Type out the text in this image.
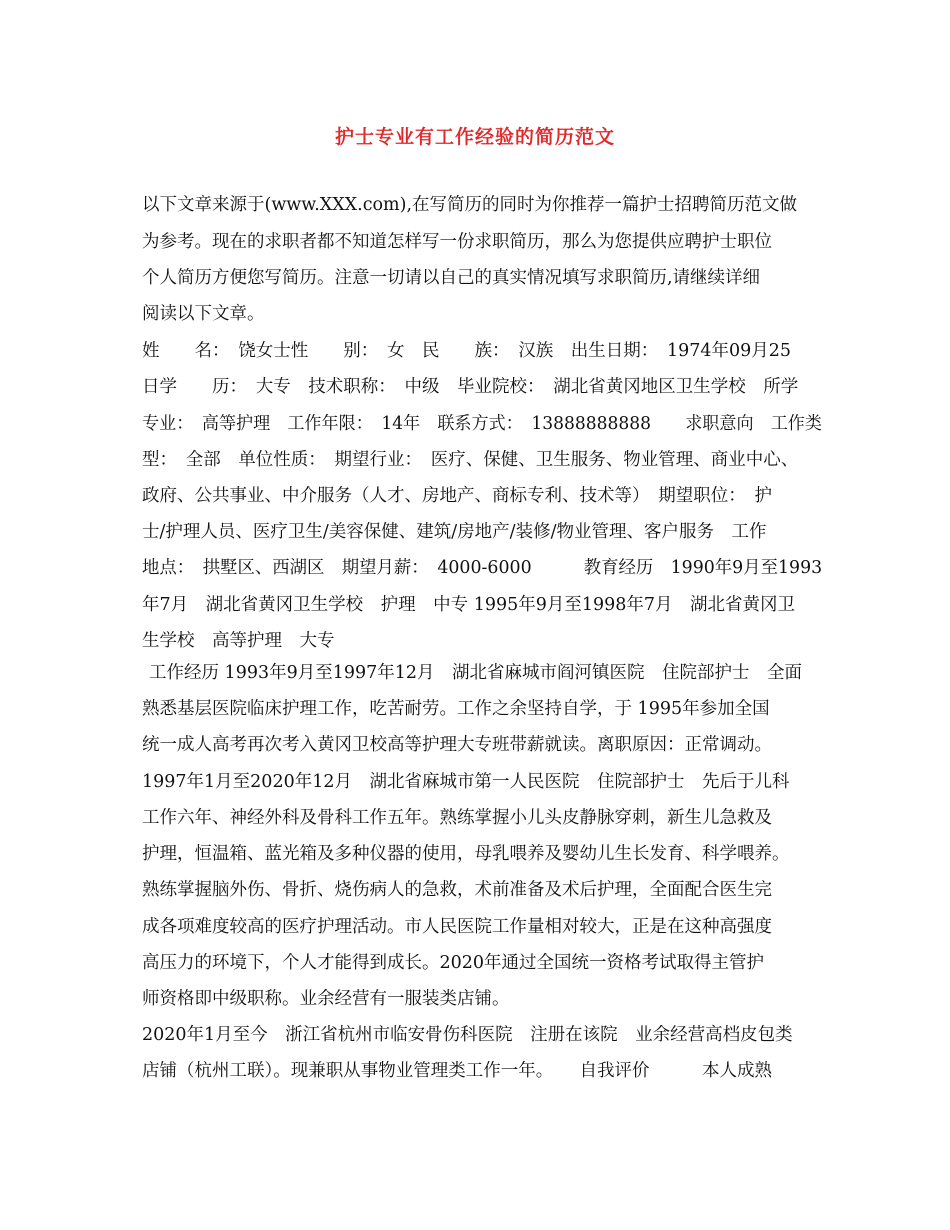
护士专业有工作经验的简历范文
以下文章来源于(www.XXX.com),在写简历的同时为你推荐一篇护士招聘简历范文做
为参考。现在的求职者都不知道怎样写一份求职简历，那么为您提供应聘护士职位
个人简历方便您写简历。注意一切请以自己的真实情况填写求职简历,请继续详细
阅读以下文章。
姓　　名：　饶女士性　　别：　女　民　　族：　汉族　出生日期：　1974年09月25
日学　　历：　大专　技术职称：　中级　毕业院校：　湖北省黄冈地区卫生学校　所学
专业：　高等护理　工作年限：　14年　联系方式：　13888888888　　求职意向　工作类
型：　全部　单位性质：　期望行业：　医疗、保健、卫生服务、物业管理、商业中心、
政府、公共事业、中介服务（人才、房地产、商标专利、技术等）　期望职位：　护
士/护理人员、医疗卫生/美容保健、建筑/房地产/装修/物业管理、客户服务　工作
地点：　拱墅区、西湖区　期望月薪：　4000-6000　　　教育经历　1990年9月至1993
年7月　湖北省黄冈卫生学校　护理　中专 1995年9月至1998年7月　湖北省黄冈卫
生学校　高等护理　大专
工作经历 1993年9月至1997年12月　湖北省麻城市阎河镇医院　住院部护士　全面
熟悉基层医院临床护理工作，吃苦耐劳。工作之余坚持自学，于 1995年参加全国
统一成人高考再次考入黄冈卫校高等护理大专班带薪就读。离职原因：正常调动。
1997年1月至2020年12月　湖北省麻城市第一人民医院　住院部护士　先后于儿科
工作六年、神经外科及骨科工作五年。熟练掌握小儿头皮静脉穿刺，新生儿急救及
护理，恒温箱、蓝光箱及多种仪器的使用，母乳喂养及婴幼儿生长发育、科学喂养。
熟练掌握脑外伤、骨折、烧伤病人的急救，术前准备及术后护理，全面配合医生完
成各项难度较高的医疗护理活动。市人民医院工作量相对较大，正是在这种高强度
高压力的环境下，个人才能得到成长。2020年通过全国统一资格考试取得主管护
师资格即中级职称。业余经营有一服装类店铺。
2020年1月至今　浙江省杭州市临安骨伤科医院　注册在该院　业余经营高档皮包类
店铺（杭州工联）。现兼职从事物业管理类工作一年。　　自我评价　　　本人成熟
